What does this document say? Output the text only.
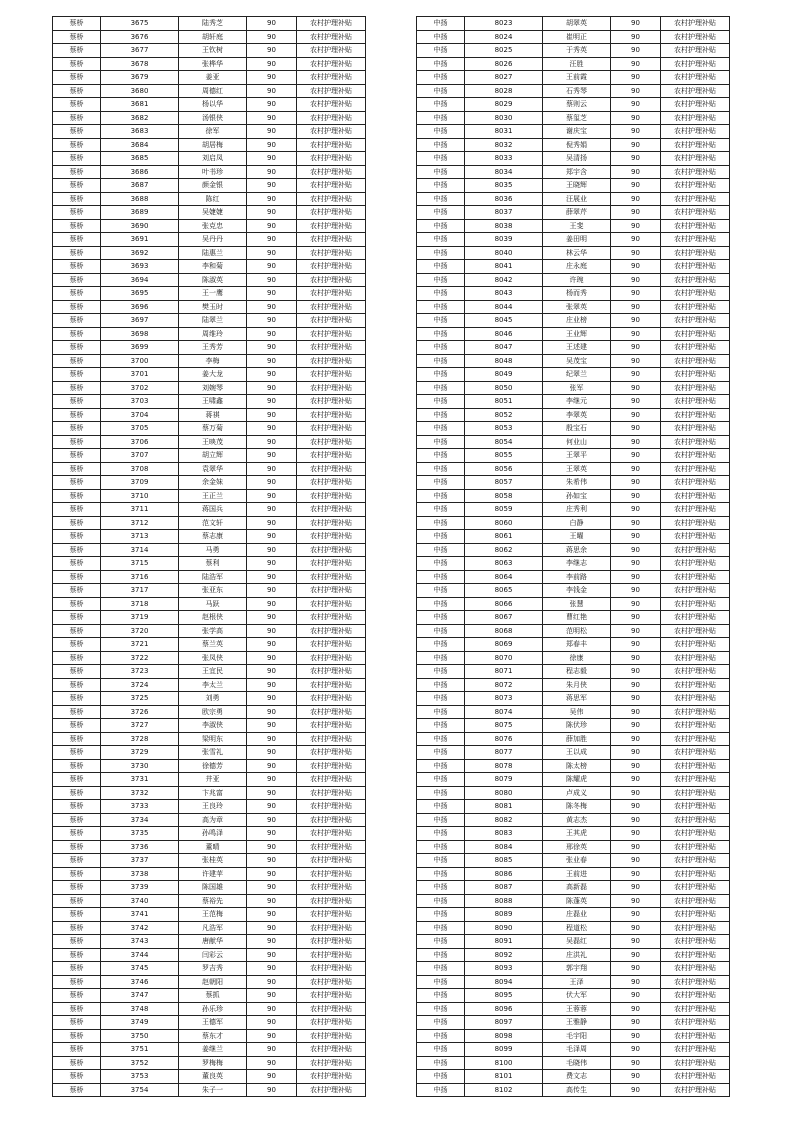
蔡桥	3675	陆秀芝	90	农村护理补贴
蔡桥	3676	胡轩庭	90	农村护理补贴
蔡桥	3677	王钦树	90	农村护理补贴
蔡桥	3678	张桦华	90	农村护理补贴
蔡桥	3679	姜亚	90	农村护理补贴
蔡桥	3680	周德红	90	农村护理补贴
蔡桥	3681	杨以华	90	农村护理补贴
蔡桥	3682	汤银侠	90	农村护理补贴
蔡桥	3683	徐军	90	农村护理补贴
蔡桥	3684	胡居梅	90	农村护理补贴
蔡桥	3685	刘启凤	90	农村护理补贴
蔡桥	3686	叶书珍	90	农村护理补贴
蔡桥	3687	颜金银	90	农村护理补贴
蔡桥	3688	陈红	90	农村护理补贴
蔡桥	3689	吴婕婕	90	农村护理补贴
蔡桥	3690	张克忠	90	农村护理补贴
蔡桥	3691	吴丹丹	90	农村护理补贴
蔡桥	3692	陆惠兰	90	农村护理补贴
蔡桥	3693	李和菊	90	农村护理补贴
蔡桥	3694	陈淑英	90	农村护理补贴
蔡桥	3695	王一鹰	90	农村护理补贴
蔡桥	3696	樊玉时	90	农村护理补贴
蔡桥	3697	陆翠兰	90	农村护理补贴
蔡桥	3698	周维玲	90	农村护理补贴
蔡桥	3699	王秀芳	90	农村护理补贴
蔡桥	3700	李梅	90	农村护理补贴
蔡桥	3701	姜大龙	90	农村护理补贴
蔡桥	3702	刘婉琴	90	农村护理补贴
蔡桥	3703	王啸鑫	90	农村护理补贴
蔡桥	3704	蒋祺	90	农村护理补贴
蔡桥	3705	蔡万菊	90	农村护理补贴
蔡桥	3706	王映茂	90	农村护理补贴
蔡桥	3707	胡立辉	90	农村护理补贴
蔡桥	3708	袁翠华	90	农村护理补贴
蔡桥	3709	余金妹	90	农村护理补贴
蔡桥	3710	王正兰	90	农村护理补贴
蔡桥	3711	蒋国兵	90	农村护理补贴
蔡桥	3712	范文轩	90	农村护理补贴
蔡桥	3713	蔡志康	90	农村护理补贴
蔡桥	3714	马勇	90	农村护理补贴
蔡桥	3715	蔡利	90	农村护理补贴
蔡桥	3716	陆浩军	90	农村护理补贴
蔡桥	3717	张亚东	90	农村护理补贴
蔡桥	3718	马跃	90	农村护理补贴
蔡桥	3719	赵根侠	90	农村护理补贴
蔡桥	3720	张学高	90	农村护理补贴
蔡桥	3721	蔡兰英	90	农村护理补贴
蔡桥	3722	张凤侠	90	农村护理补贴
蔡桥	3723	王宜民	90	农村护理补贴
蔡桥	3724	李太兰	90	农村护理补贴
蔡桥	3725	刘勇	90	农村护理补贴
蔡桥	3726	欧宗勇	90	农村护理补贴
蔡桥	3727	李淑侠	90	农村护理补贴
蔡桥	3728	梁明东	90	农村护理补贴
蔡桥	3729	张雪礼	90	农村护理补贴
蔡桥	3730	徐德芳	90	农村护理补贴
蔡桥	3731	井亚	90	农村护理补贴
蔡桥	3732	卞兆富	90	农村护理补贴
蔡桥	3733	王良玲	90	农村护理补贴
蔡桥	3734	高为章	90	农村护理补贴
蔡桥	3735	孙鸣泽	90	农村护理补贴
蔡桥	3736	董晴	90	农村护理补贴
蔡桥	3737	张桂英	90	农村护理补贴
蔡桥	3738	许建苹	90	农村护理补贴
蔡桥	3739	陈国雄	90	农村护理补贴
蔡桥	3740	蔡裕先	90	农村护理补贴
蔡桥	3741	王范梅	90	农村护理补贴
蔡桥	3742	凡浩军	90	农村护理补贴
蔡桥	3743	唐献华	90	农村护理补贴
蔡桥	3744	闫彩云	90	农村护理补贴
蔡桥	3745	罗吉秀	90	农村护理补贴
蔡桥	3746	赵朝阳	90	农村护理补贴
蔡桥	3747	蔡抓	90	农村护理补贴
蔡桥	3748	孙乐珍	90	农村护理补贴
蔡桥	3749	王德军	90	农村护理补贴
蔡桥	3750	蔡东才	90	农村护理补贴
蔡桥	3751	姜继兰	90	农村护理补贴
蔡桥	3752	罗梅梅	90	农村护理补贴
蔡桥	3753	董良英	90	农村护理补贴
蔡桥	3754	朱子一	90	农村护理补贴
中扬	8023	胡翠英	90	农村护理补贴
中扬	8024	崔明正	90	农村护理补贴
中扬	8025	于秀英	90	农村护理补贴
中扬	8026	汪胜	90	农村护理补贴
中扬	8027	王前霞	90	农村护理补贴
中扬	8028	石秀琴	90	农村护理补贴
中扬	8029	蔡则云	90	农村护理补贴
中扬	8030	蔡玺芝	90	农村护理补贴
中扬	8031	谢庆宝	90	农村护理补贴
中扬	8032	倪秀娟	90	农村护理补贴
中扬	8033	吴清扬	90	农村护理补贴
中扬	8034	郑宇含	90	农村护理补贴
中扬	8035	王晓辉	90	农村护理补贴
中扬	8036	汪展业	90	农村护理补贴
中扬	8037	薛翠芹	90	农村护理补贴
中扬	8038	王斐	90	农村护理补贴
中扬	8039	姜田明	90	农村护理补贴
中扬	8040	林云华	90	农村护理补贴
中扬	8041	庄永庭	90	农村护理补贴
中扬	8042	许琬	90	农村护理补贴
中扬	8043	杨而秀	90	农村护理补贴
中扬	8044	张翠英	90	农村护理补贴
中扬	8045	庄业榜	90	农村护理补贴
中扬	8046	王业辉	90	农村护理补贴
中扬	8047	王述建	90	农村护理补贴
中扬	8048	吴茂宝	90	农村护理补贴
中扬	8049	纪翠兰	90	农村护理补贴
中扬	8050	张军	90	农村护理补贴
中扬	8051	李继元	90	农村护理补贴
中扬	8052	李翠英	90	农村护理补贴
中扬	8053	殷宝石	90	农村护理补贴
中扬	8054	何业山	90	农村护理补贴
中扬	8055	王翠平	90	农村护理补贴
中扬	8056	王翠英	90	农村护理补贴
中扬	8057	朱希伟	90	农村护理补贴
中扬	8058	孙如宝	90	农村护理补贴
中扬	8059	庄秀利	90	农村护理补贴
中扬	8060	白静	90	农村护理补贴
中扬	8061	王曜	90	农村护理补贴
中扬	8062	蒋思余	90	农村护理补贴
中扬	8063	李继志	90	农村护理补贴
中扬	8064	李前路	90	农村护理补贴
中扬	8065	李钱金	90	农村护理补贴
中扬	8066	张慧	90	农村护理补贴
中扬	8067	曹红艳	90	农村护理补贴
中扬	8068	范明松	90	农村护理补贴
中扬	8069	郑春丰	90	农村护理补贴
中扬	8070	徐康	90	农村护理补贴
中扬	8071	程志毅	90	农村护理补贴
中扬	8072	朱月侠	90	农村护理补贴
中扬	8073	蒋思军	90	农村护理补贴
中扬	8074	吴伟	90	农村护理补贴
中扬	8075	陈伏珍	90	农村护理补贴
中扬	8076	薛加胜	90	农村护理补贴
中扬	8077	王以成	90	农村护理补贴
中扬	8078	陈太榜	90	农村护理补贴
中扬	8079	陈耀虎	90	农村护理补贴
中扬	8080	卢成义	90	农村护理补贴
中扬	8081	陈冬梅	90	农村护理补贴
中扬	8082	黄志杰	90	农村护理补贴
中扬	8083	王其虎	90	农村护理补贴
中扬	8084	邢徐英	90	农村护理补贴
中扬	8085	张业春	90	农村护理补贴
中扬	8086	王前进	90	农村护理补贴
中扬	8087	高新磊	90	农村护理补贴
中扬	8088	陈蓬英	90	农村护理补贴
中扬	8089	庄磊业	90	农村护理补贴
中扬	8090	程道松	90	农村护理补贴
中扬	8091	吴磊红	90	农村护理补贴
中扬	8092	庄洪礼	90	农村护理补贴
中扬	8093	郭宇翔	90	农村护理补贴
中扬	8094	王泽	90	农村护理补贴
中扬	8095	伏大军	90	农村护理补贴
中扬	8096	王蓉蓉	90	农村护理补贴
中扬	8097	王雅静	90	农村护理补贴
中扬	8098	毛宇阳	90	农村护理补贴
中扬	8099	毛泽周	90	农村护理补贴
中扬	8100	毛晓伟	90	农村护理补贴
中扬	8101	费文志	90	农村护理补贴
中扬	8102	高传生	90	农村护理补贴
